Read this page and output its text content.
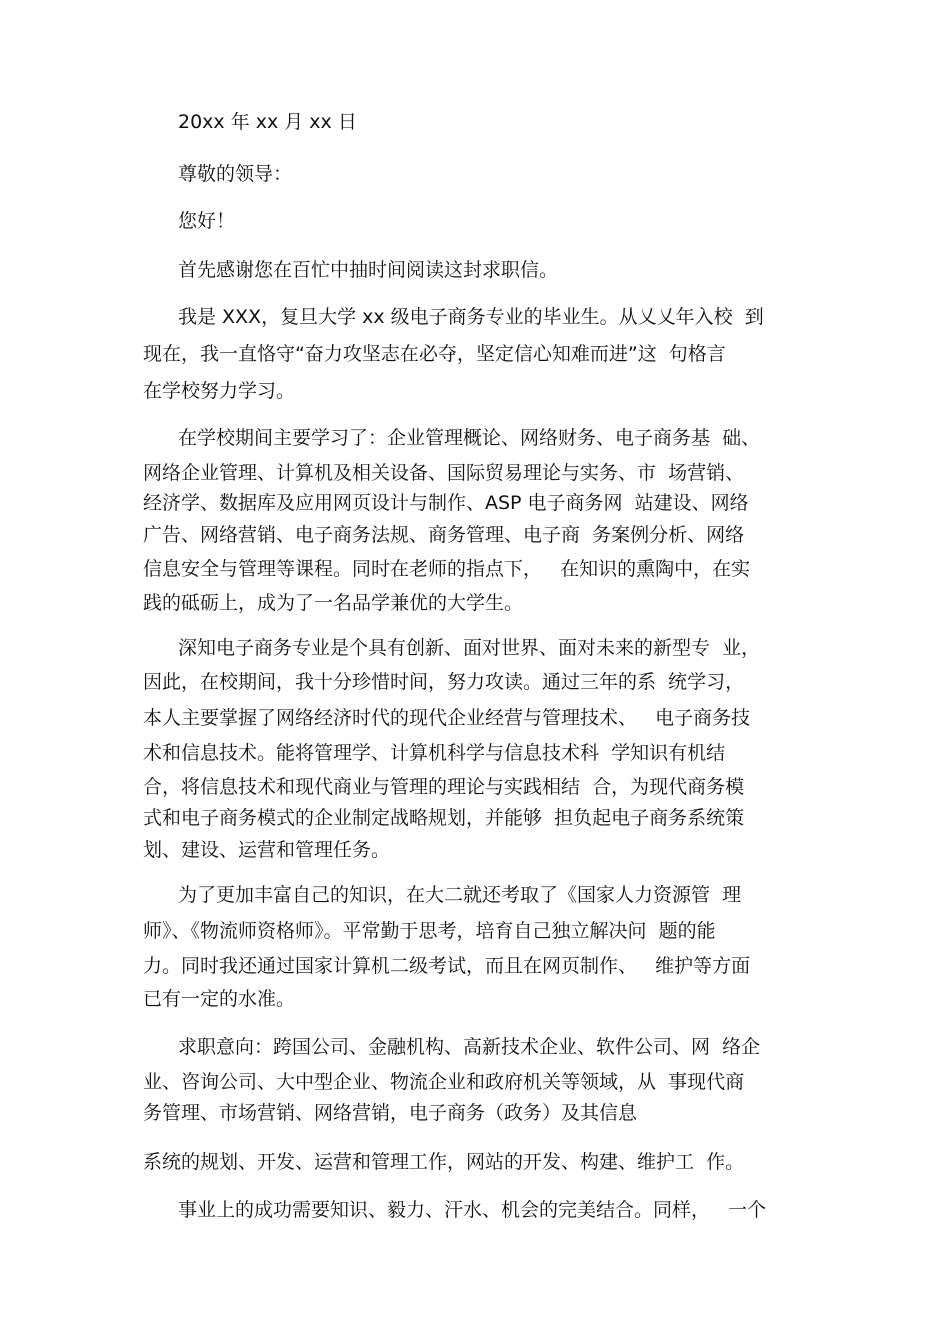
20xx 年 xx 月 xx 日
尊敬的领导：
您好！
首先感谢您在百忙中抽时间阅读这封求职信。
我是 XXX，复旦大学 xx 级电子商务专业的毕业生。从乂乂年入校  到
现在，我一直恪守“奋力攻坚志在必夺，坚定信心知难而进”这  句格言
在学校努力学习。
在学校期间主要学习了：企业管理概论、网络财务、电子商务基  础、
网络企业管理、计算机及相关设备、国际贸易理论与实务、市  场营销、
经济学、数据库及应用网页设计与制作、ASP 电子商务网  站建设、网络
广告、网络营销、电子商务法规、商务管理、电子商  务案例分析、网络
信息安全与管理等课程。同时在老师的指点下，   在知识的熏陶中，在实
践的砥砺上，成为了一名品学兼优的大学生。
深知电子商务专业是个具有创新、面对世界、面对未来的新型专  业，
因此，在校期间，我十分珍惜时间，努力攻读。通过三年的系  统学习，
本人主要掌握了网络经济时代的现代企业经营与管理技术、   电子商务技
术和信息技术。能将管理学、计算机科学与信息技术科  学知识有机结
合，将信息技术和现代商业与管理的理论与实践相结  合，为现代商务模
式和电子商务模式的企业制定战略规划，并能够  担负起电子商务系统策
划、建设、运营和管理任务。
为了更加丰富自己的知识，在大二就还考取了《国家人力资源管  理
师》、《物流师资格师》。平常勤于思考，培育自己独立解决问  题的能
力。同时我还通过国家计算机二级考试，而且在网页制作、   维护等方面
已有一定的水准。
求职意向：跨国公司、金融机构、高新技术企业、软件公司、网  络企
业、咨询公司、大中型企业、物流企业和政府机关等领域，从  事现代商
务管理、市场营销、网络营销，电子商务（政务）及其信息
系统的规划、开发、运营和管理工作，网站的开发、构建、维护工  作。
事业上的成功需要知识、毅力、汗水、机会的完美结合。同样，   一个
